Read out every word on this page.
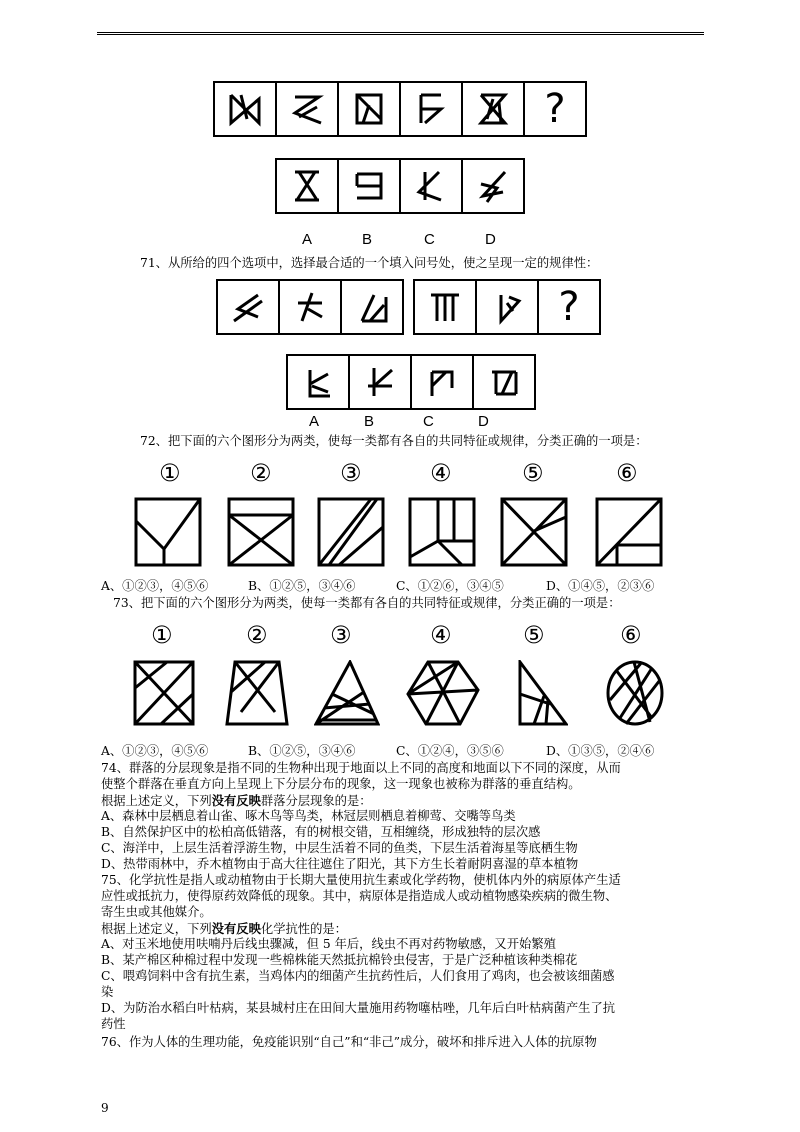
?
A	B	C	D
71、从所给的四个选项中，选择最合适的一个填入问号处，使之呈现一定的规律性：
?
A	B	C	D
72、把下面的六个图形分为两类，使每一类都有各自的共同特征或规律，分类正确的一项是：
①	②	③	④	⑤	⑥
A、①②③，④⑤⑥	B、①②⑤，③④⑥	C、①②⑥，③④⑤	D、①④⑤，②③⑥
73、把下面的六个图形分为两类，使每一类都有各自的共同特征或规律，分类正确的一项是：
①	②	③	④	⑤	⑥
A、①②③，④⑤⑥	B、①②⑤，③④⑥	C、①②④，③⑤⑥	D、①③⑤，②④⑥
74、群落的分层现象是指不同的生物种出现于地面以上不同的高度和地面以下不同的深度，从而
使整个群落在垂直方向上呈现上下分层分布的现象，这一现象也被称为群落的垂直结构。
根据上述定义，下列没有反映群落分层现象的是：
A、森林中层栖息着山雀、啄木鸟等鸟类，林冠层则栖息着柳莺、交嘴等鸟类
B、自然保护区中的松柏高低错落，有的树根交错，互相缠绕，形成独特的层次感
C、海洋中，上层生活着浮游生物，中层生活着不同的鱼类，下层生活着海星等底栖生物
D、热带雨林中，乔木植物由于高大往往遮住了阳光，其下方生长着耐阴喜湿的草本植物
75、化学抗性是指人或动植物由于长期大量使用抗生素或化学药物，使机体内外的病原体产生适
应性或抵抗力，使得原药效降低的现象。其中，病原体是指造成人或动植物感染疾病的微生物、
寄生虫或其他媒介。
根据上述定义，下列没有反映化学抗性的是：
A、对玉米地使用呋喃丹后线虫骤减，但 5 年后，线虫不再对药物敏感，又开始繁殖
B、某产棉区种棉过程中发现一些棉株能天然抵抗棉铃虫侵害，于是广泛种植该种类棉花
C、喂鸡饲料中含有抗生素，当鸡体内的细菌产生抗药性后，人们食用了鸡肉，也会被该细菌感
染
D、为防治水稻白叶枯病，某县城村庄在田间大量施用药物噻枯唑，几年后白叶枯病菌产生了抗
药性
76、作为人体的生理功能，免疫能识别“自己”和“非己”成分，破坏和排斥进入人体的抗原物
9
